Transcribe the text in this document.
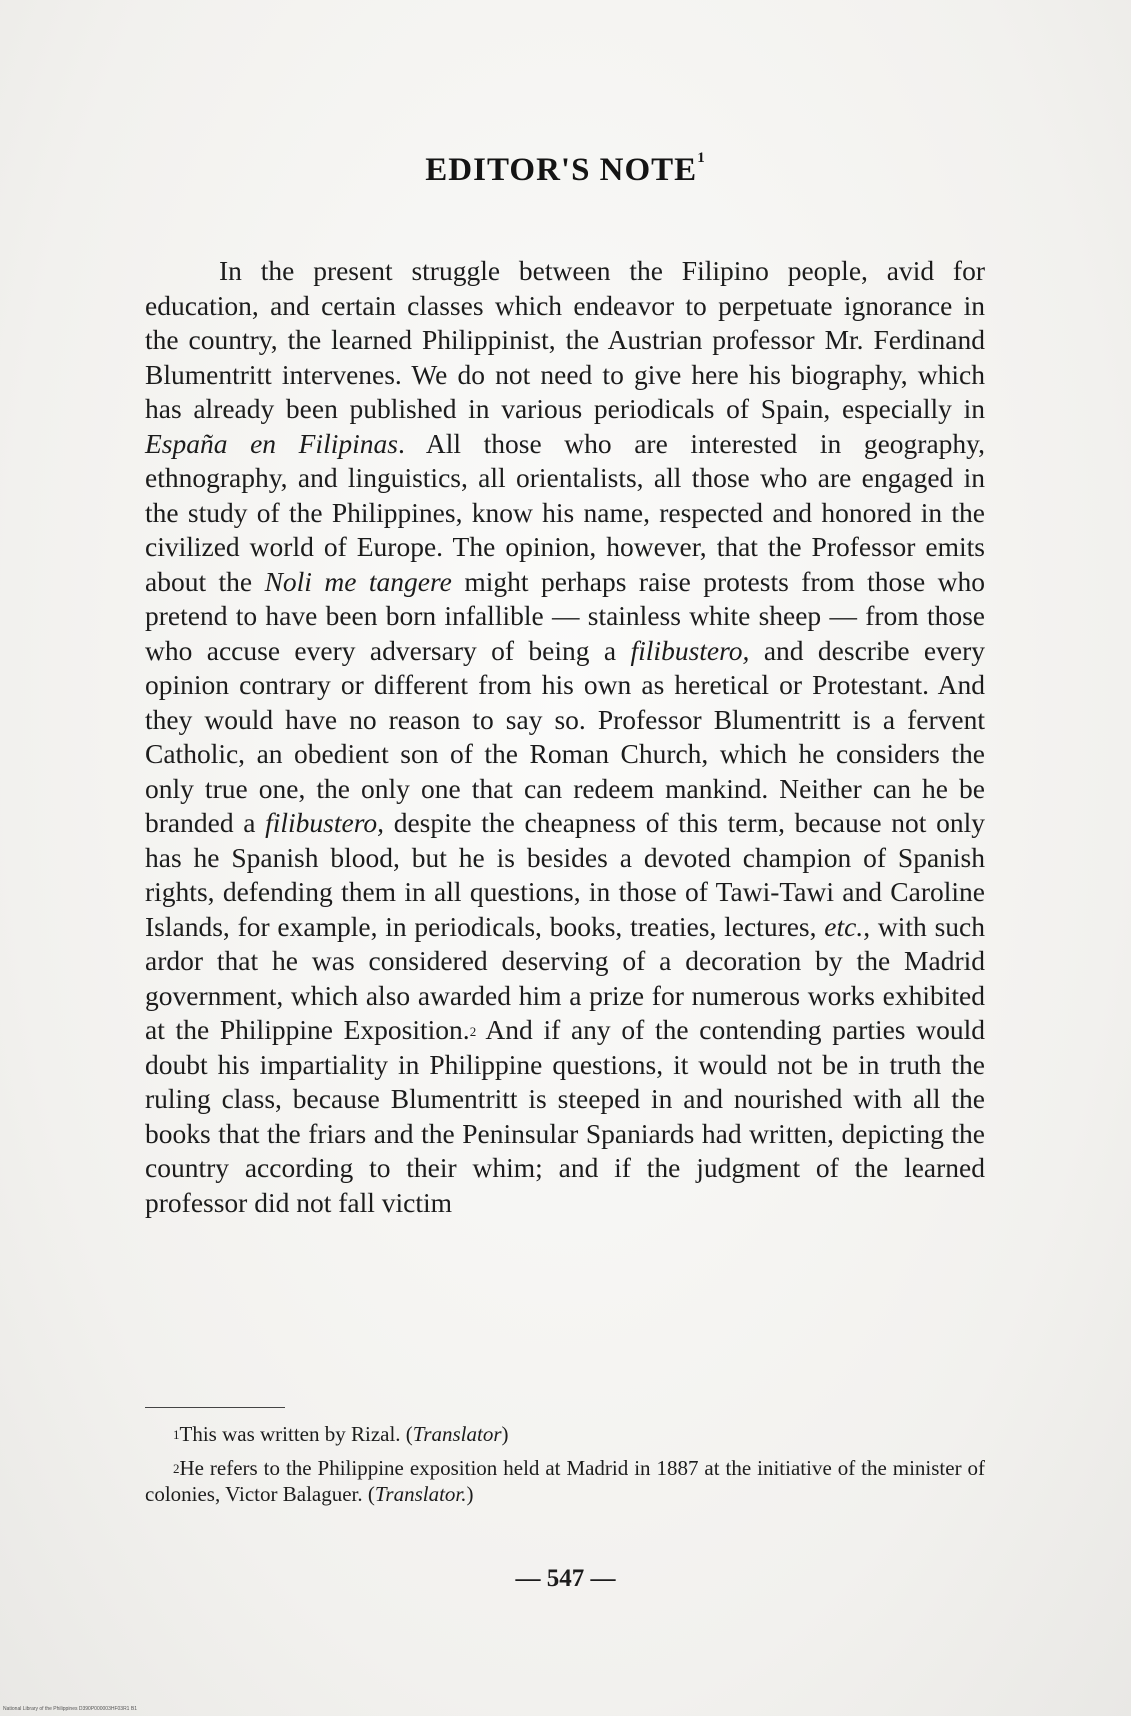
EDITOR'S NOTE$^1$

In the present struggle between the Filipino people, avid for education, and certain classes which endeavor to perpetuate ignorance in the country, the learned Philippinist, the Austrian professor Mr. Ferdinand Blumentritt intervenes. We do not need to give here his biography, which has already been published in various periodicals of Spain, especially in España en Filipinas. All those who are interested in geography, ethnography, and linguistics, all orientalists, all those who are engaged in the study of the Philippines, know his name, respected and honored in the civilized world of Europe. The opinion, however, that the Professor emits about the Noli me tangere might perhaps raise protests from those who pretend to have been born infallible — stainless white sheep — from those who accuse every adversary of being a filibustero, and describe every opinion contrary or different from his own as heretical or Protestant. And they would have no reason to say so. Professor Blumentritt is a fervent Catholic, an obedient son of the Roman Church, which he considers the only true one, the only one that can redeem mankind. Neither can he be branded a filibustero, despite the cheapness of this term, because not only has he Spanish blood, but he is besides a devoted champion of Spanish rights, defending them in all questions, in those of Tawi-Tawi and Caroline Islands, for example, in periodicals, books, treaties, lectures, etc., with such ardor that he was considered deserving of a decoration by the Madrid government, which also awarded him a prize for numerous works exhibited at the Philippine Exposition.$^2$ And if any of the contending parties would doubt his impartiality in Philippine questions, it would not be in truth the ruling class, because Blumentritt is steeped in and nourished with all the books that the friars and the Peninsular Spaniards had written, depicting the country according to their whim; and if the judgment of the learned professor did not fall victim

$^1$This was written by Rizal. (Translator)

$^2$He refers to the Philippine exposition held at Madrid in 1887 at the initiative of the minister of colonies, Victor Balaguer. (Translator.)

— 547 —

National Library of the Philippines D390P000003HF03R1 B1
